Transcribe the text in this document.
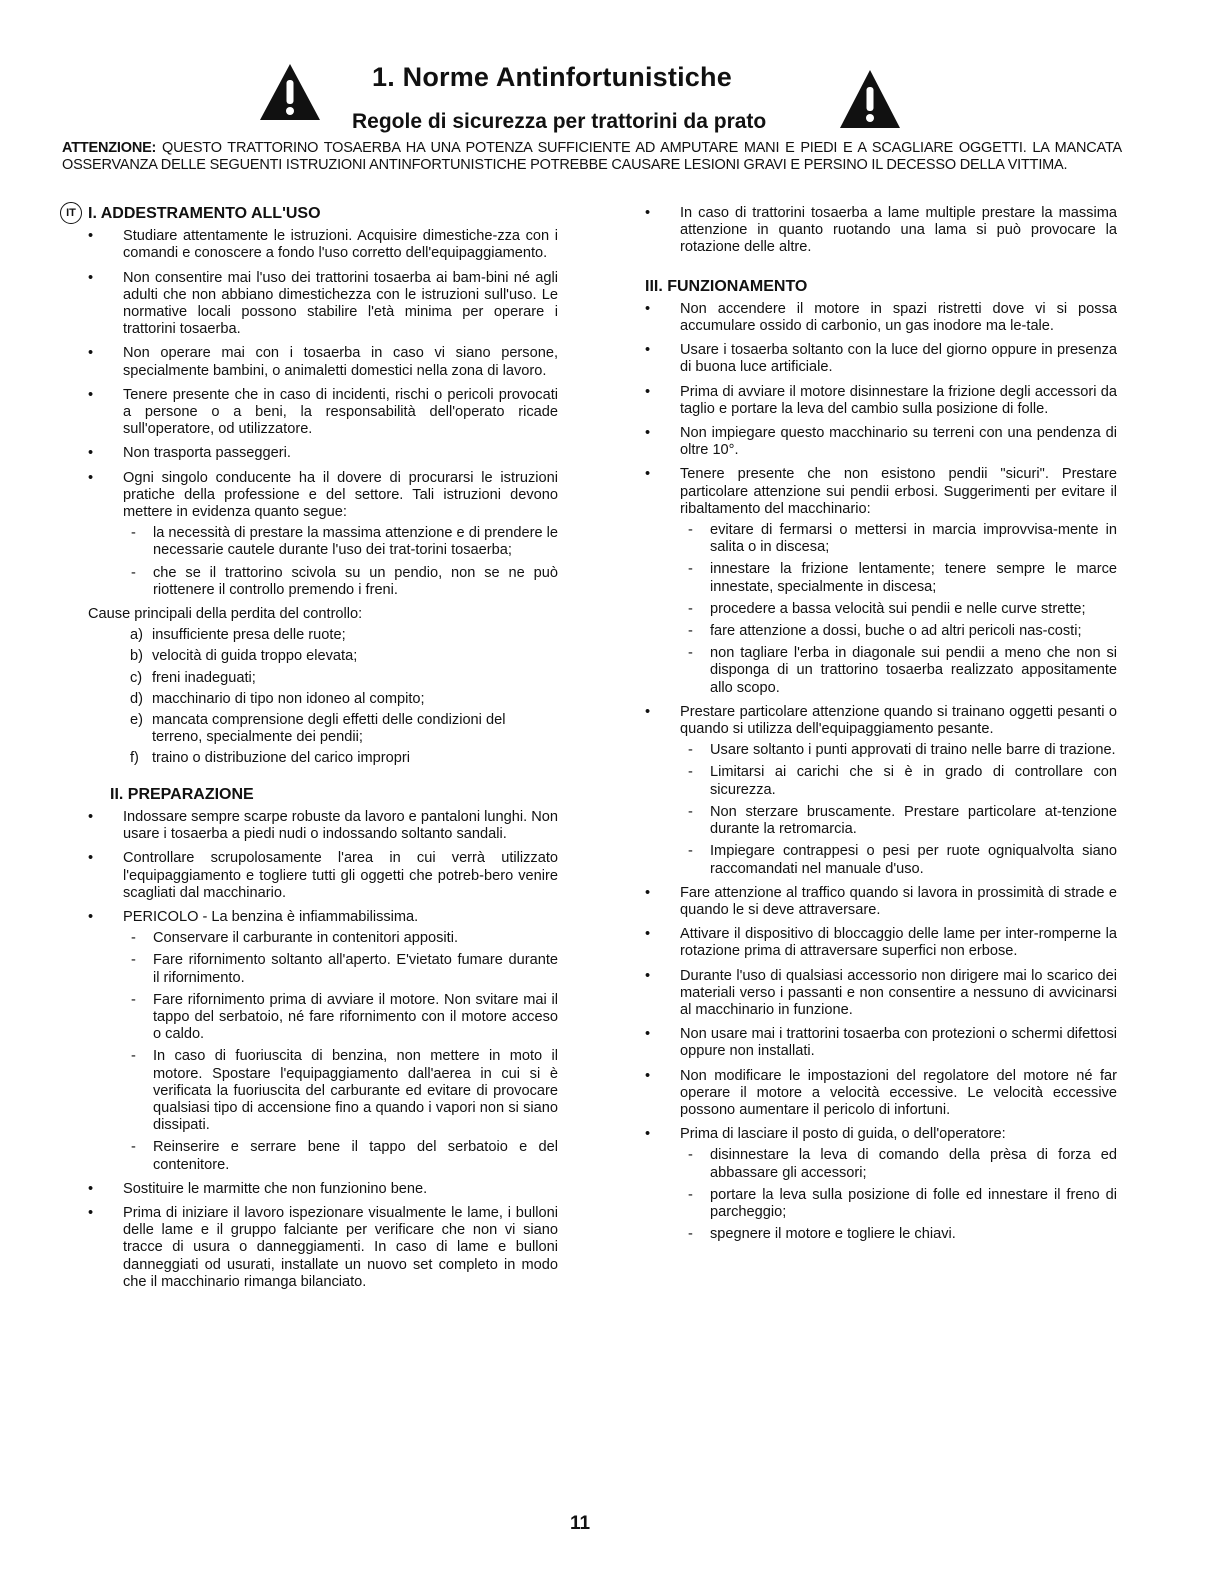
1. Norme Antinfortunistiche
Regole di sicurezza per trattorini da prato
ATTENZIONE: QUESTO TRATTORINO TOSAERBA HA UNA POTENZA SUFFICIENTE AD AMPUTARE MANI E PIEDI E A SCAGLIARE OGGETTI. LA MANCATA OSSERVANZA DELLE SEGUENTI ISTRUZIONI ANTINFORTUNISTICHE POTREBBE CAUSARE LESIONI GRAVI E PERSINO IL DECESSO DELLA VITTIMA.
IT I. ADDESTRAMENTO ALL'USO
• Studiare attentamente le istruzioni. Acquisire dimestiche-zza con i comandi e conoscere a fondo l'uso corretto dell'equipaggiamento.
• Non consentire mai l'uso dei trattorini tosaerba ai bam-bini né agli adulti che non abbiano dimestichezza con le istruzioni sull'uso. Le normative locali possono stabilire l'età minima per operare i trattorini tosaerba.
• Non operare mai con i tosaerba in caso vi siano persone, specialmente bambini, o animaletti domestici nella zona di lavoro.
• Tenere presente che in caso di incidenti, rischi o pericoli provocati a persone o a beni, la responsabilità dell'operato ricade sull'operatore, od utilizzatore.
• Non trasporta passeggeri.
• Ogni singolo conducente ha il dovere di procurarsi le istruzioni pratiche della professione e del settore. Tali istruzioni devono mettere in evidenza quanto segue:
- la necessità di prestare la massima attenzione e di prendere le necessarie cautele durante l'uso dei trat-torini tosaerba;
- che se il trattorino scivola su un pendio, non se ne può riottenere il controllo premendo i freni.
Cause principali della perdita del controllo:
a) insufficiente presa delle ruote;
b) velocità di guida troppo elevata;
c) freni inadeguati;
d) macchinario di tipo non idoneo al compito;
e) mancata comprensione degli effetti delle condizioni del terreno, specialmente dei pendii;
f) traino o distribuzione del carico impropri
II. PREPARAZIONE
• Indossare sempre scarpe robuste da lavoro e pantaloni lunghi. Non usare i tosaerba a piedi nudi o indossando soltanto sandali.
• Controllare scrupolosamente l'area in cui verrà utilizzato l'equipaggiamento e togliere tutti gli oggetti che potreb-bero venire scagliati dal macchinario.
• PERICOLO - La benzina è infiammabilissima.
- Conservare il carburante in contenitori appositi.
- Fare rifornimento soltanto all'aperto. E'vietato fumare durante il rifornimento.
- Fare rifornimento prima di avviare il motore. Non svitare mai il tappo del serbatoio, né fare rifornimento con il motore acceso o caldo.
- In caso di fuoriuscita di benzina, non mettere in moto il motore. Spostare l'equipaggiamento dall'aerea in cui si è verificata la fuoriuscita del carburante ed evitare di provocare qualsiasi tipo di accensione fino a quando i vapori non si siano dissipati.
- Reinserire e serrare bene il tappo del serbatoio e del contenitore.
• Sostituire le marmitte che non funzionino bene.
• Prima di iniziare il lavoro ispezionare visualmente le lame, i bulloni delle lame e il gruppo falciante per verificare che non vi siano tracce di usura o danneggiamenti. In caso di lame e bulloni danneggiati od usurati, installate un nuovo set completo in modo che il macchinario rimanga bilanciato.
• In caso di trattorini tosaerba a lame multiple prestare la massima attenzione in quanto ruotando una lama si può provocare la rotazione delle altre.
III. FUNZIONAMENTO
• Non accendere il motore in spazi ristretti dove vi si possa accumulare ossido di carbonio, un gas inodore ma le-tale.
• Usare i tosaerba soltanto con la luce del giorno oppure in presenza di buona luce artificiale.
• Prima di avviare il motore disinnestare la frizione degli accessori da taglio e portare la leva del cambio sulla posizione di folle.
• Non impiegare questo macchinario su terreni con una pendenza di oltre 10°.
• Tenere presente che non esistono pendii "sicuri". Prestare particolare attenzione sui pendii erbosi. Suggerimenti per evitare il ribaltamento del macchinario:
- evitare di fermarsi o mettersi in marcia improvvisa-mente in salita o in discesa;
- innestare la frizione lentamente; tenere sempre le marce innestate, specialmente in discesa;
- procedere a bassa velocità sui pendii e nelle curve strette;
- fare attenzione a dossi, buche o ad altri pericoli nas-costi;
- non tagliare l'erba in diagonale sui pendii a meno che non si disponga di un trattorino tosaerba realizzato appositamente allo scopo.
• Prestare particolare attenzione quando si trainano oggetti pesanti o quando si utilizza dell'equipaggiamento pesante.
- Usare soltanto i punti approvati di traino nelle barre di trazione.
- Limitarsi ai carichi che si è in grado di controllare con sicurezza.
- Non sterzare bruscamente. Prestare particolare at-tenzione durante la retromarcia.
- Impiegare contrappesi o pesi per ruote ogniqualvolta siano raccomandati nel manuale d'uso.
• Fare attenzione al traffico quando si lavora in prossimità di strade e quando le si deve attraversare.
• Attivare il dispositivo di bloccaggio delle lame per inter-romperne la rotazione prima di attraversare superfici non erbose.
• Durante l'uso di qualsiasi accessorio non dirigere mai lo scarico dei materiali verso i passanti e non consentire a nessuno di avvicinarsi al macchinario in funzione.
• Non usare mai i trattorini tosaerba con protezioni o schermi difettosi oppure non installati.
• Non modificare le impostazioni del regolatore del motore né far operare il motore a velocità eccessive. Le velocità eccessive possono aumentare il pericolo di infortuni.
• Prima di lasciare il posto di guida, o dell'operatore:
- disinnestare la leva di comando della prèsa di forza ed abbassare gli accessori;
- portare la leva sulla posizione di folle ed innestare il freno di parcheggio;
- spegnere il motore e togliere le chiavi.
11
